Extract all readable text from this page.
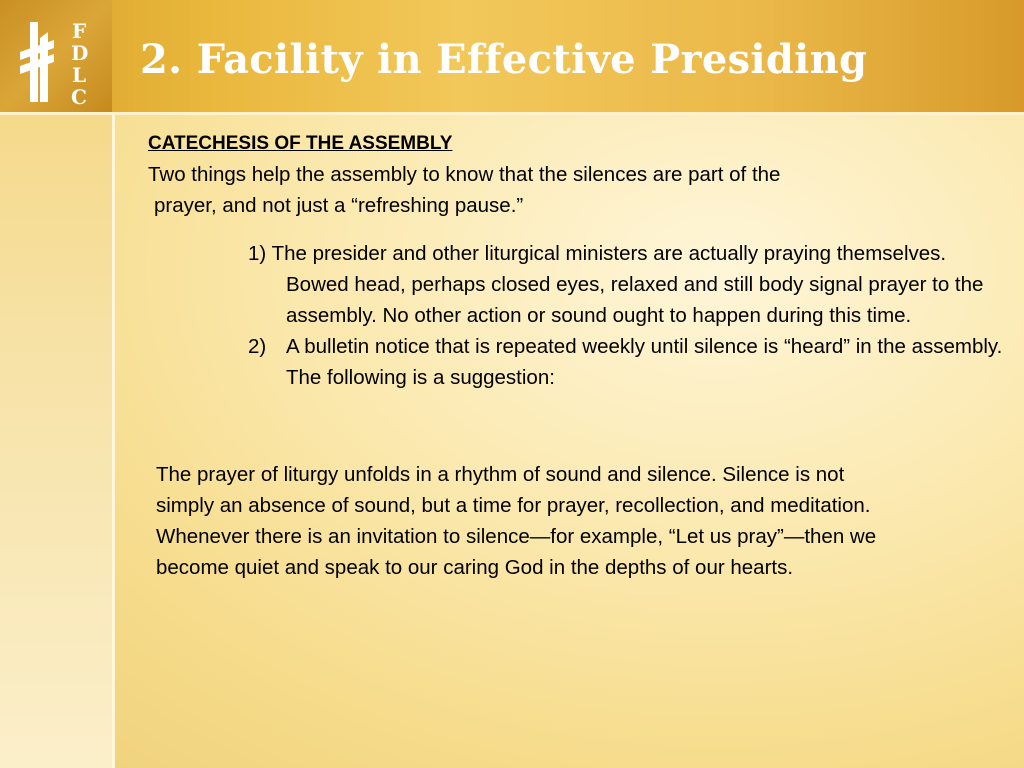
F
D
L
C
2. Facility in Effective Presiding
CATECHESIS OF THE ASSEMBLY

Two things help the assembly to know that the silences are part of the
prayer, and not just a “refreshing pause.”

1) The presider and other liturgical ministers are actually praying themselves. Bowed head, perhaps closed eyes, relaxed and still body signal prayer to the assembly. No other action or sound ought to happen during this time.
2) A bulletin notice that is repeated weekly until silence is “heard” in the assembly. The following is a suggestion:

The prayer of liturgy unfolds in a rhythm of sound and silence. Silence is not simply an absence of sound, but a time for prayer, recollection, and meditation. Whenever there is an invitation to silence—for example, “Let us pray”—then we become quiet and speak to our caring God in the depths of our hearts.
